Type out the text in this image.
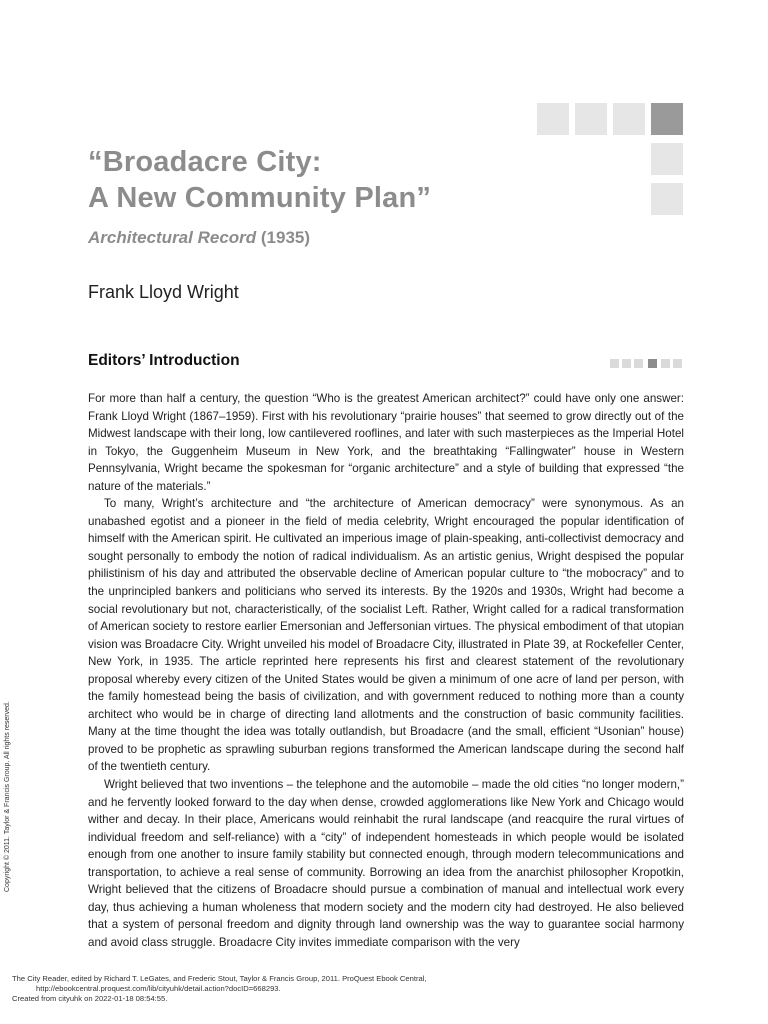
“Broadacre City:
A New Community Plan”
Architectural Record (1935)
Frank Lloyd Wright
Editors’ Introduction

For more than half a century, the question “Who is the greatest American architect?” could have only one answer: Frank Lloyd Wright (1867–1959). First with his revolutionary “prairie houses” that seemed to grow directly out of the Midwest landscape with their long, low cantilevered rooflines, and later with such masterpieces as the Imperial Hotel in Tokyo, the Guggenheim Museum in New York, and the breathtaking “Fallingwater” house in Western Pennsylvania, Wright became the spokesman for “organic architecture” and a style of building that expressed “the nature of the materials.”

To many, Wright’s architecture and “the architecture of American democracy” were synonymous. As an unabashed egotist and a pioneer in the field of media celebrity, Wright encouraged the popular identification of himself with the American spirit. He cultivated an imperious image of plain-speaking, anti-collectivist democracy and sought personally to embody the notion of radical individualism. As an artistic genius, Wright despised the popular philistinism of his day and attributed the observable decline of American popular culture to “the mobocracy” and to the unprincipled bankers and politicians who served its interests. By the 1920s and 1930s, Wright had become a social revolutionary but not, characteristically, of the socialist Left. Rather, Wright called for a radical transformation of American society to restore earlier Emersonian and Jeffersonian virtues. The physical embodiment of that utopian vision was Broadacre City. Wright unveiled his model of Broadacre City, illustrated in Plate 39, at Rockefeller Center, New York, in 1935. The article reprinted here represents his first and clearest statement of the revolutionary proposal whereby every citizen of the United States would be given a minimum of one acre of land per person, with the family homestead being the basis of civilization, and with government reduced to nothing more than a county architect who would be in charge of directing land allotments and the construction of basic community facilities. Many at the time thought the idea was totally outlandish, but Broadacre (and the small, efficient “Usonian” house) proved to be prophetic as sprawling suburban regions transformed the American landscape during the second half of the twentieth century.

Wright believed that two inventions – the telephone and the automobile – made the old cities “no longer modern,” and he fervently looked forward to the day when dense, crowded agglomerations like New York and Chicago would wither and decay. In their place, Americans would reinhabit the rural landscape (and reacquire the rural virtues of individual freedom and self-reliance) with a “city” of independent homesteads in which people would be isolated enough from one another to insure family stability but connected enough, through modern telecommunications and transportation, to achieve a real sense of community. Borrowing an idea from the anarchist philosopher Kropotkin, Wright believed that the citizens of Broadacre should pursue a combination of manual and intellectual work every day, thus achieving a human wholeness that modern society and the modern city had destroyed. He also believed that a system of personal freedom and dignity through land ownership was the way to guarantee social harmony and avoid class struggle. Broadacre City invites immediate comparison with the very

Copyright © 2011. Taylor & Francis Group. All rights reserved.
The City Reader, edited by Richard T. LeGates, and Frederic Stout, Taylor & Francis Group, 2011. ProQuest Ebook Central,
http://ebookcentral.proquest.com/lib/cityuhk/detail.action?docID=668293.
Created from cityuhk on 2022-01-18 08:54:55.
